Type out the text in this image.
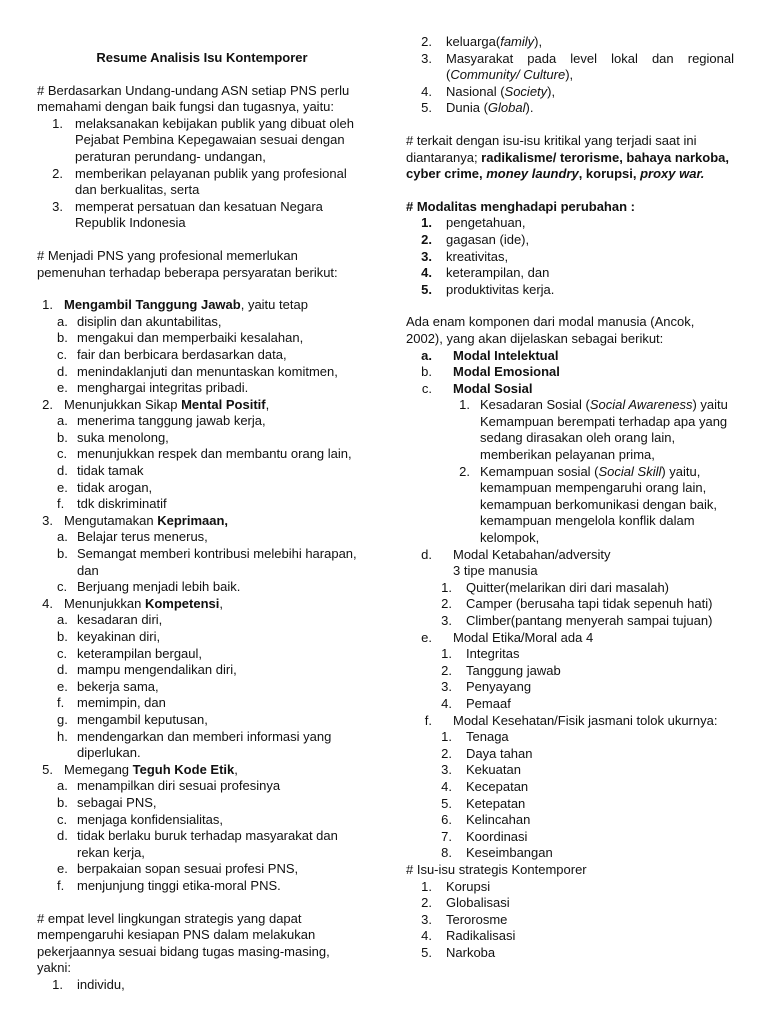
Resume Analisis Isu Kontemporer

# Berdasarkan Undang-undang ASN setiap PNS perlu memahami dengan baik fungsi dan tugasnya, yaitu:

1. melaksanakan kebijakan publik yang dibuat oleh Pejabat Pembina Kepegawaian sesuai dengan peraturan perundang- undangan,
2. memberikan pelayanan publik yang profesional dan berkualitas, serta
3. memperat persatuan dan kesatuan Negara Republik Indonesia

# Menjadi PNS yang profesional memerlukan pemenuhan terhadap beberapa persyaratan berikut:

1. Mengambil Tanggung Jawab, yaitu tetap
a. disiplin dan akuntabilitas,
b. mengakui dan memperbaiki kesalahan,
c. fair dan berbicara berdasarkan data,
d. menindaklanjuti dan menuntaskan komitmen,
e. menghargai integritas pribadi.
2. Menunjukkan Sikap Mental Positif,
a. menerima tanggung jawab kerja,
b. suka menolong,
c. menunjukkan respek dan membantu orang lain,
d. tidak tamak
e. tidak arogan,
f. tdk diskriminatif
3. Mengutamakan Keprimaan,
a. Belajar terus menerus,
b. Semangat memberi kontribusi melebihi harapan, dan
c. Berjuang menjadi lebih baik.
4. Menunjukkan Kompetensi,
a. kesadaran diri,
b. keyakinan diri,
c. keterampilan bergaul,
d. mampu mengendalikan diri,
e. bekerja sama,
f. memimpin, dan
g. mengambil keputusan,
h. mendengarkan dan memberi informasi yang diperlukan.
5. Memegang Teguh Kode Etik,
a. menampilkan diri sesuai profesinya
b. sebagai PNS,
c. menjaga konfidensialitas,
d. tidak berlaku buruk terhadap masyarakat dan rekan kerja,
e. berpakaian sopan sesuai profesi PNS,
f. menjunjung tinggi etika-moral PNS.

# empat level lingkungan strategis yang dapat mempengaruhi kesiapan PNS dalam melakukan pekerjaannya sesuai bidang tugas masing-masing, yakni:

1.	individu,
2.	keluarga(family),
3.	Masyarakat pada level lokal dan regional (Community/ Culture),
4.	Nasional (Society),
5.	Dunia (Global).

# terkait dengan isu-isu kritikal yang terjadi saat ini diantaranya; radikalisme/ terorisme, bahaya narkoba, cyber crime, money laundry, korupsi, proxy war.

# Modalitas menghadapi perubahan :

1.	pengetahuan,
2.	gagasan (ide),
3.	kreativitas,
4.	keterampilan, dan
5.	produktivitas kerja.

Ada enam komponen dari modal manusia (Ancok, 2002), yang akan dijelaskan sebagai berikut:

a.	Modal Intelektual
b.	Modal Emosional
c.	Modal Sosial
1. Kesadaran Sosial (Social Awareness) yaitu Kemampuan berempati terhadap apa yang sedang dirasakan oleh orang lain, memberikan pelayanan prima,
2. Kemampuan sosial (Social Skill) yaitu, kemampuan mempengaruhi orang lain, kemampuan berkomunikasi dengan baik, kemampuan mengelola konflik dalam kelompok,
d.	Modal Ketabahan/adversity

3 tipe manusia

1.	Quitter(melarikan diri dari masalah)
2.	Camper (berusaha tapi tidak sepenuh hati)
3.	Climber(pantang menyerah sampai tujuan)
e.	Modal Etika/Moral ada 4
1.	Integritas
2.	Tanggung jawab
3.	Penyayang
4.	Pemaaf
f.	Modal Kesehatan/Fisik jasmani tolok ukurnya:
1.	Tenaga
2.	Daya tahan
3.	Kekuatan
4.	Kecepatan
5.	Ketepatan
6.	Kelincahan
7.	Koordinasi
8.	Keseimbangan

# Isu-isu strategis Kontemporer

1.	Korupsi
2.	Globalisasi
3.	Terorosme
4.	Radikalisasi
5.	Narkoba
